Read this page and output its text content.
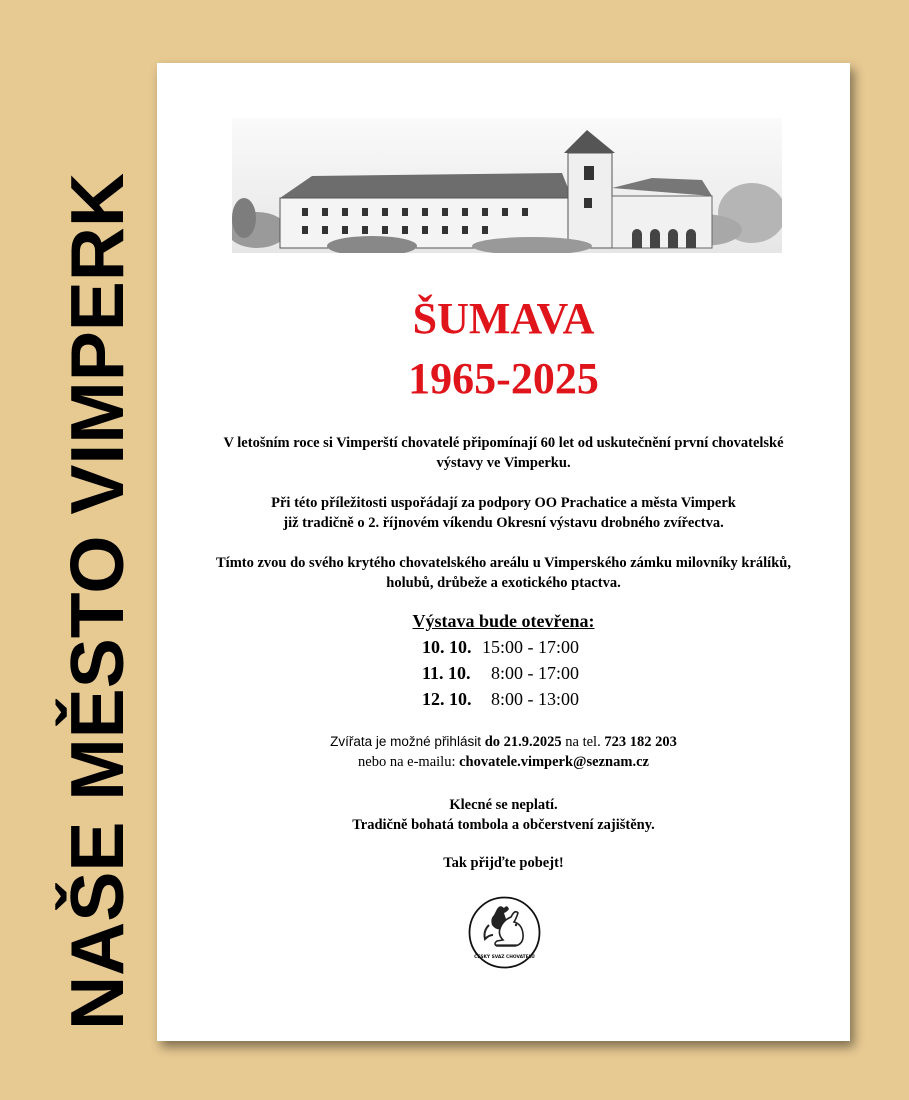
NAŠE MĚSTO VIMPERK	ŠUMAVA
1965-2025
V letošním roce si Vimperští chovatelé připomínají 60 let od uskutečnění první chovatelské
výstavy ve Vimperku.
Při této příležitosti uspořádají za podpory OO Prachatice a města Vimperk
již tradičně o 2. říjnovém víkendu Okresní výstavu drobného zvířectva.
Tímto zvou do svého krytého chovatelského areálu u Vimperského zámku milovníky králíků,
holubů, drůbeže a exotického ptactva.
Výstava bude otevřena:
10. 10. 15:00 - 17:00
11. 10.  8:00 - 17:00
12. 10.  8:00 - 13:00
Zvířata je možné přihlásit do 21.9.2025 na tel. 723 182 203
nebo na e-mailu: chovatele.vimperk@seznam.cz
Klecné se neplatí.
Tradičně bohatá tombola a občerstvení zajištěny.
Tak přijďte pobejt!
ČESKÝ SVAZ CHOVATELŮ
